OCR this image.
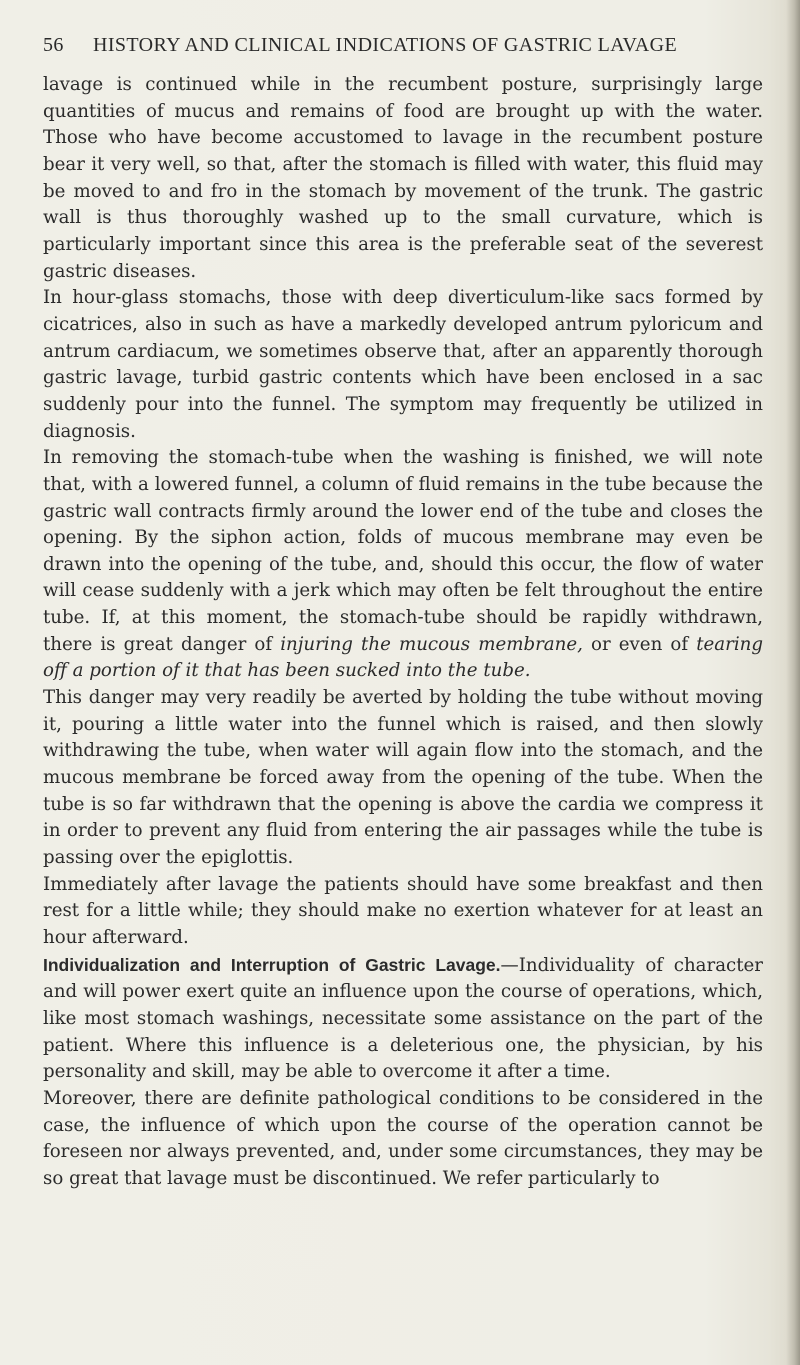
56 HISTORY AND CLINICAL INDICATIONS OF GASTRIC LAVAGE

lavage is continued while in the recumbent posture, surprisingly large quantities of mucus and remains of food are brought up with the water. Those who have become accustomed to lavage in the recumbent posture bear it very well, so that, after the stomach is filled with water, this fluid may be moved to and fro in the stomach by movement of the trunk. The gastric wall is thus thoroughly washed up to the small curvature, which is particularly important since this area is the preferable seat of the severest gastric diseases.

In hour-glass stomachs, those with deep diverticulum-like sacs formed by cicatrices, also in such as have a markedly developed antrum pyloricum and antrum cardiacum, we sometimes observe that, after an apparently thorough gastric lavage, turbid gastric contents which have been enclosed in a sac suddenly pour into the funnel. The symptom may frequently be utilized in diagnosis.

In removing the stomach-tube when the washing is finished, we will note that, with a lowered funnel, a column of fluid remains in the tube because the gastric wall contracts firmly around the lower end of the tube and closes the opening. By the siphon action, folds of mucous membrane may even be drawn into the opening of the tube, and, should this occur, the flow of water will cease suddenly with a jerk which may often be felt throughout the entire tube. If, at this moment, the stomach-tube should be rapidly withdrawn, there is great danger of injuring the mucous membrane, or even of tearing off a portion of it that has been sucked into the tube.

This danger may very readily be averted by holding the tube without moving it, pouring a little water into the funnel which is raised, and then slowly withdrawing the tube, when water will again flow into the stomach, and the mucous membrane be forced away from the opening of the tube. When the tube is so far withdrawn that the opening is above the cardia we compress it in order to prevent any fluid from entering the air passages while the tube is passing over the epiglottis.

Immediately after lavage the patients should have some breakfast and then rest for a little while; they should make no exertion whatever for at least an hour afterward.

Individualization and Interruption of Gastric Lavage.—Individuality of character and will power exert quite an influence upon the course of operations, which, like most stomach washings, necessitate some assistance on the part of the patient. Where this influence is a deleterious one, the physician, by his personality and skill, may be able to overcome it after a time.

Moreover, there are definite pathological conditions to be considered in the case, the influence of which upon the course of the operation cannot be foreseen nor always prevented, and, under some circumstances, they may be so great that lavage must be discontinued. We refer particularly to
